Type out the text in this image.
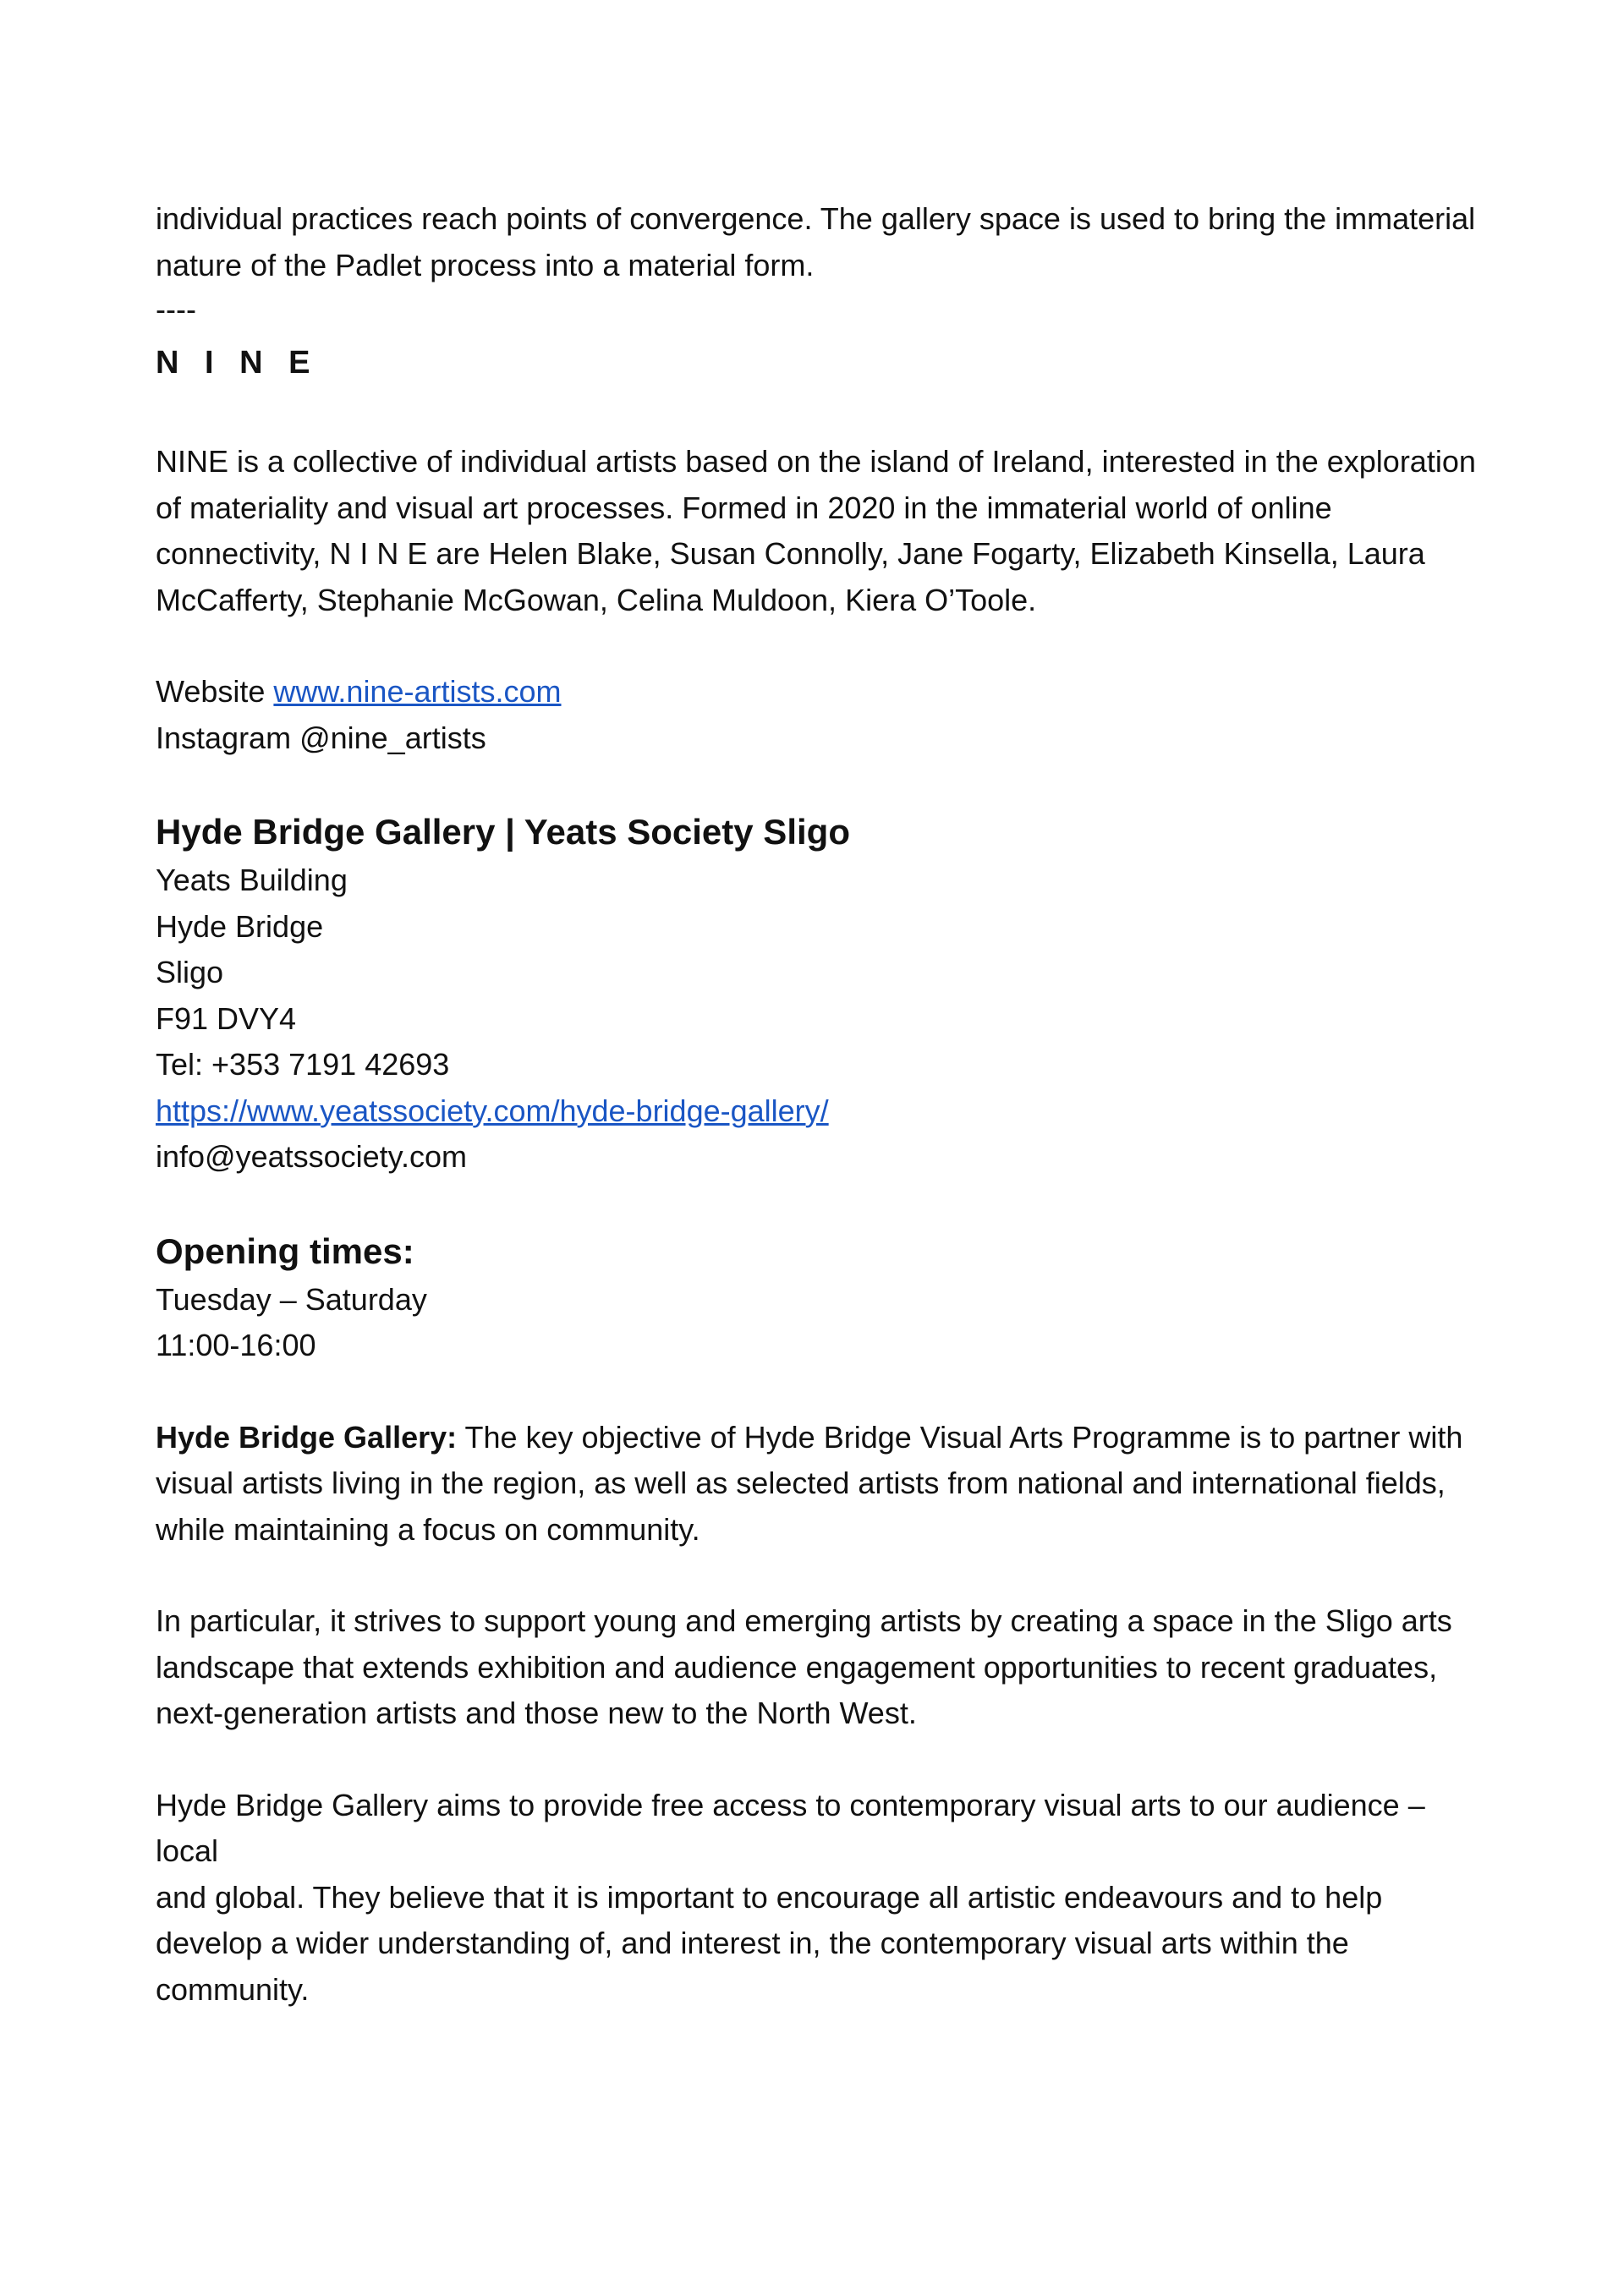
individual practices reach points of convergence. The gallery space is used to bring the immaterial
nature of the Padlet process into a material form.
----
N I N E
NINE is a collective of individual artists based on the island of Ireland, interested in the exploration
of materiality and visual art processes. Formed in 2020 in the immaterial world of online
connectivity, N I N E are Helen Blake, Susan Connolly, Jane Fogarty, Elizabeth Kinsella, Laura
McCafferty, Stephanie McGowan, Celina Muldoon, Kiera O’Toole.
Website www.nine-artists.com
Instagram @nine_artists
Hyde Bridge Gallery | Yeats Society Sligo
Yeats Building
Hyde Bridge
Sligo
F91 DVY4
Tel: +353 7191 42693
https://www.yeatssociety.com/hyde-bridge-gallery/
info@yeatssociety.com
Opening times:
Tuesday – Saturday
11:00-16:00
Hyde Bridge Gallery: The key objective of Hyde Bridge Visual Arts Programme is to partner with
visual artists living in the region, as well as selected artists from national and international fields,
while maintaining a focus on community.
In particular, it strives to support young and emerging artists by creating a space in the Sligo arts
landscape that extends exhibition and audience engagement opportunities to recent graduates,
next-generation artists and those new to the North West.
Hyde Bridge Gallery aims to provide free access to contemporary visual arts to our audience – local
and global. They believe that it is important to encourage all artistic endeavours and to help
develop a wider understanding of, and interest in, the contemporary visual arts within the
community.
